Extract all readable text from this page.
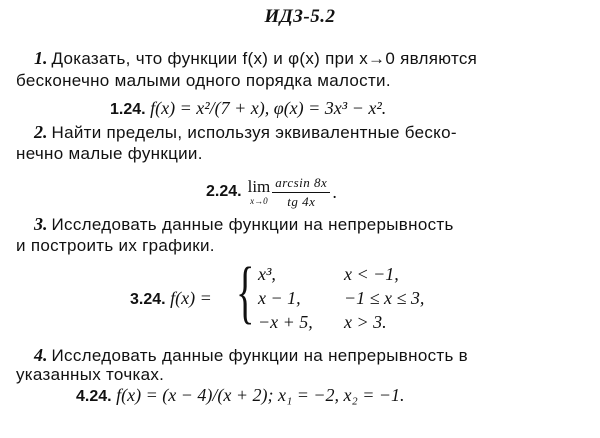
ИДЗ-5.2
1. Доказать, что функции f(x) и φ(x) при x→0 являются
бесконечно малыми одного порядка малости.
1.24. f(x) = x²/(7 + x), φ(x) = 3x³ − x².
2. Найти пределы, используя эквивалентные беско-
нечно малые функции.
2.24. lim
$x\to 0 \frac{\arcsin 8x}{tg 4x}$ .
3. Исследовать данные функции на непрерывность
и построить их графики.
3.24. f(x) = { x³,	x < −1,
x − 1, −1 ≤ x ≤ 3,
−x + 5, x > 3.
4. Исследовать данные функции на непрерывность в
указанных точках.
4.24. f(x) = (x − 4)/(x + 2); x₁ = −2, x₂ = −1.
